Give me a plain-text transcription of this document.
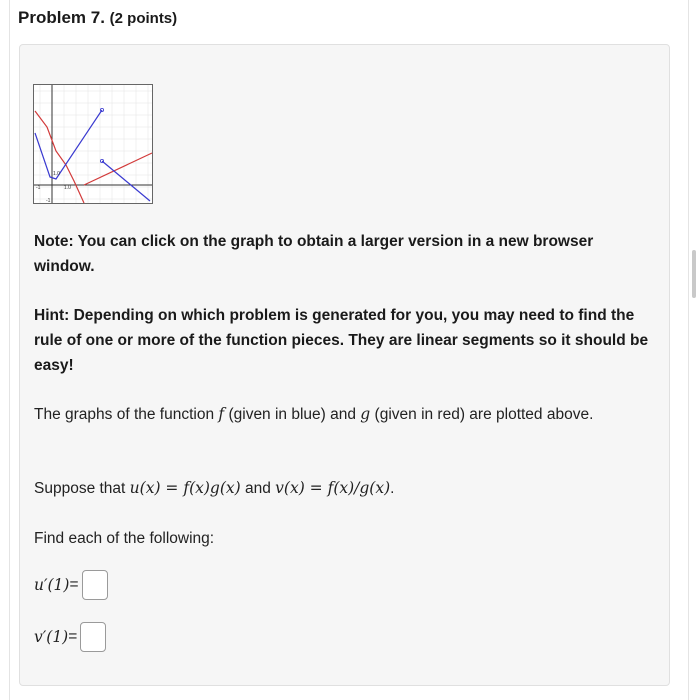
Problem 7. (2 points)
-1	1.0
1.0
-1
Note: You can click on the graph to obtain a larger version in a new browser window.
Hint: Depending on which problem is generated for you, you may need to find the rule of one or more of the function pieces. They are linear segments so it should be easy!
The graphs of the function f (given in blue) and g (given in red) are plotted above.
Suppose that u(x) = f(x)g(x) and v(x) = f(x)/g(x).
Find each of the following:
u′(1) =
v′(1) =
